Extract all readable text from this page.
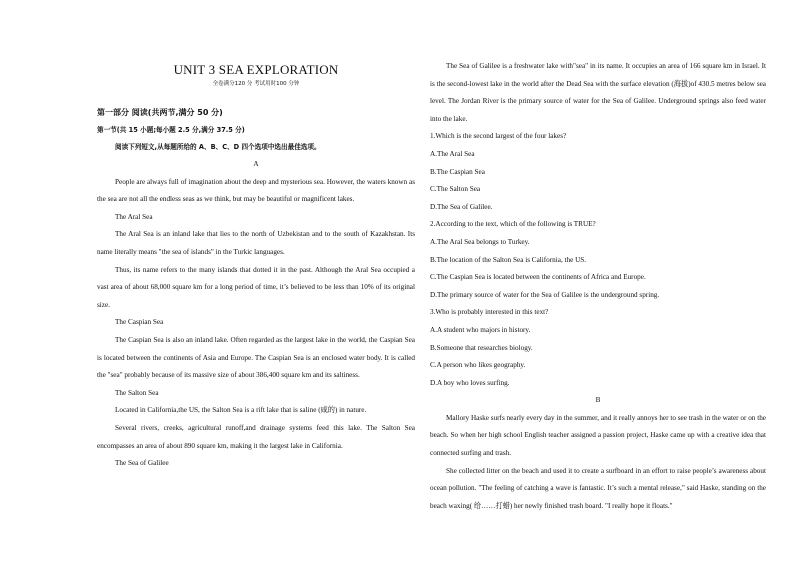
UNIT 3 SEA EXPLORATION
全卷满分120 分 考试用时100 分钟
第一部分 阅读(共两节,满分 50 分)
第一节(共 15 小题;每小题 2.5 分,满分 37.5 分)
阅读下列短文,从每题所给的 A、B、C、D 四个选项中选出最佳选项。
A

People are always full of imagination about the deep and mysterious sea. However, the waters known as the sea are not all the endless seas as we think, but may be beautiful or magnificent lakes.

The Aral Sea

The Aral Sea is an inland lake that lies to the north of Uzbekistan and to the south of Kazakhstan. Its name literally means "the sea of islands" in the Turkic languages.

Thus, its name refers to the many islands that dotted it in the past. Although the Aral Sea occupied a vast area of about 68,000 square km for a long period of time, it’s believed to be less than 10% of its original size.

The Caspian Sea

The Caspian Sea is also an inland lake. Often regarded as the largest lake in the world, the Caspian Sea is located between the continents of Asia and Europe. The Caspian Sea is an enclosed water body. It is called the "sea" probably because of its massive size of about 386,400 square km and its saltiness.

The Salton Sea

Located in California,the US, the Salton Sea is a rift lake that is saline (咸的) in nature.

Several rivers, creeks, agricultural runoff,and drainage systems feed this lake. The Salton Sea encompasses an area of about 890 square km, making it the largest lake in California.

The Sea of Galilee

The Sea of Galilee is a freshwater lake with"sea" in its name. It occupies an area of 166 square km in Israel. It is the second-lowest lake in the world after the Dead Sea with the surface elevation (海拔)of 430.5 metres below sea level. The Jordan River is the primary source of water for the Sea of Galilee. Underground springs also feed water into the lake.

1.Which is the second largest of the four lakes?

A.The Aral Sea

B.The Caspian Sea

C.The Salton Sea

D.The Sea of Galilee.

2.According to the text, which of the following is TRUE?

A.The Aral Sea belongs to Turkey.

B.The location of the Salton Sea is California, the US.

C.The Caspian Sea is located between the continents of Africa and Europe.

D.The primary source of water for the Sea of Galilee is the underground spring.

3.Who is probably interested in this text?

A.A student who majors in history.

B.Someone that researches biology.

C.A person who likes geography.

D.A boy who loves surfing.

B

Mallory Haske surfs nearly every day in the summer, and it really annoys her to see trash in the water or on the beach. So when her high school English teacher assigned a passion project, Haske came up with a creative idea that connected surfing and trash.

She collected litter on the beach and used it to create a surfboard in an effort to raise people’s awareness about ocean pollution. "The feeling of catching a wave is fantastic. It’s such a mental release," said Haske, standing on the beach waxing( 给……打蜡) her newly finished trash board. "I really hope it floats."
